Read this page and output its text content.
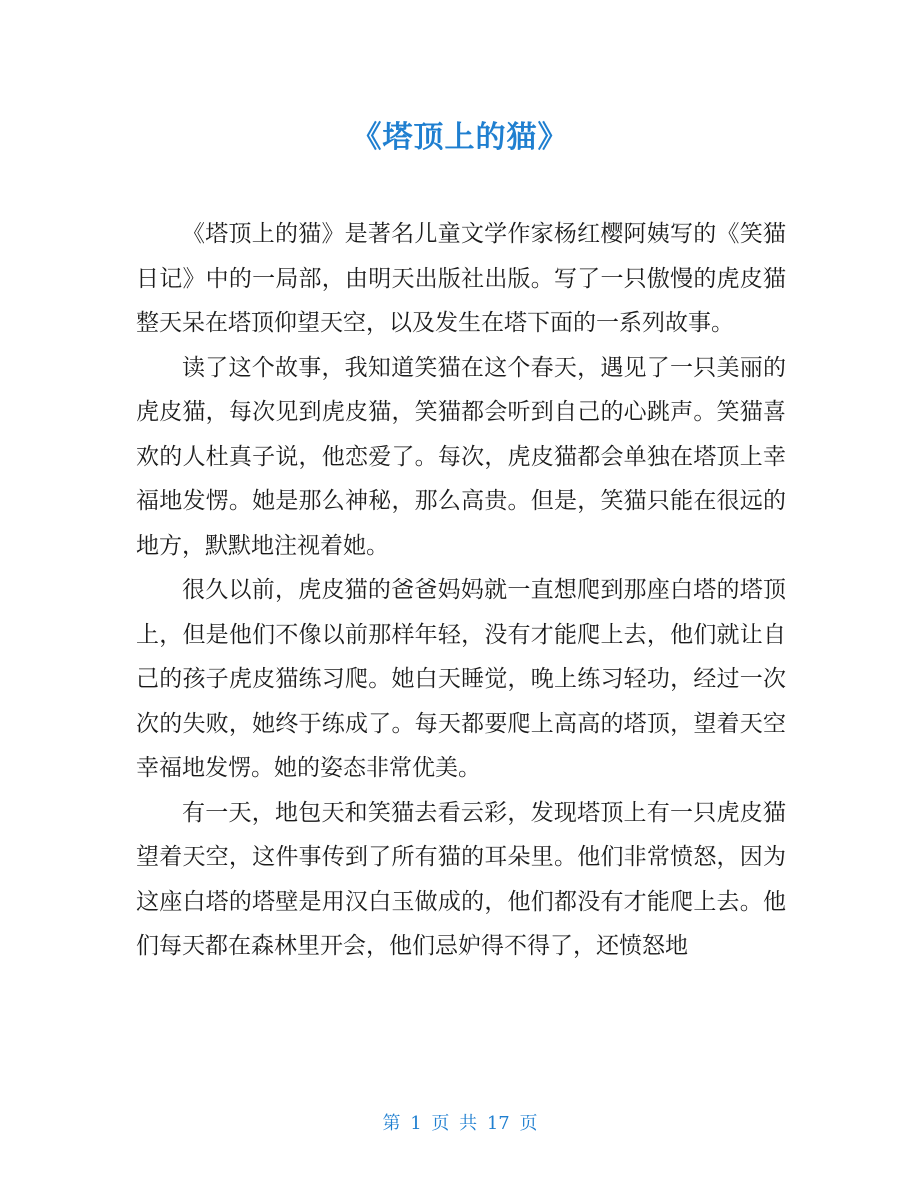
《塔顶上的猫》

《塔顶上的猫》是著名儿童文学作家杨红樱阿姨写的《笑猫日记》中的一局部，由明天出版社出版。写了一只傲慢的虎皮猫整天呆在塔顶仰望天空，以及发生在塔下面的一系列故事。

读了这个故事，我知道笑猫在这个春天，遇见了一只美丽的虎皮猫，每次见到虎皮猫，笑猫都会听到自己的心跳声。笑猫喜欢的人杜真子说，他恋爱了。每次，虎皮猫都会单独在塔顶上幸福地发愣。她是那么神秘，那么高贵。但是，笑猫只能在很远的地方，默默地注视着她。

很久以前，虎皮猫的爸爸妈妈就一直想爬到那座白塔的塔顶上，但是他们不像以前那样年轻，没有才能爬上去，他们就让自己的孩子虎皮猫练习爬。她白天睡觉，晚上练习轻功，经过一次次的失败，她终于练成了。每天都要爬上高高的塔顶，望着天空幸福地发愣。她的姿态非常优美。

有一天，地包天和笑猫去看云彩，发现塔顶上有一只虎皮猫望着天空，这件事传到了所有猫的耳朵里。他们非常愤怒，因为这座白塔的塔壁是用汉白玉做成的，他们都没有才能爬上去。他们每天都在森林里开会，他们忌妒得不得了，还愤怒地

第 1 页 共 17 页
